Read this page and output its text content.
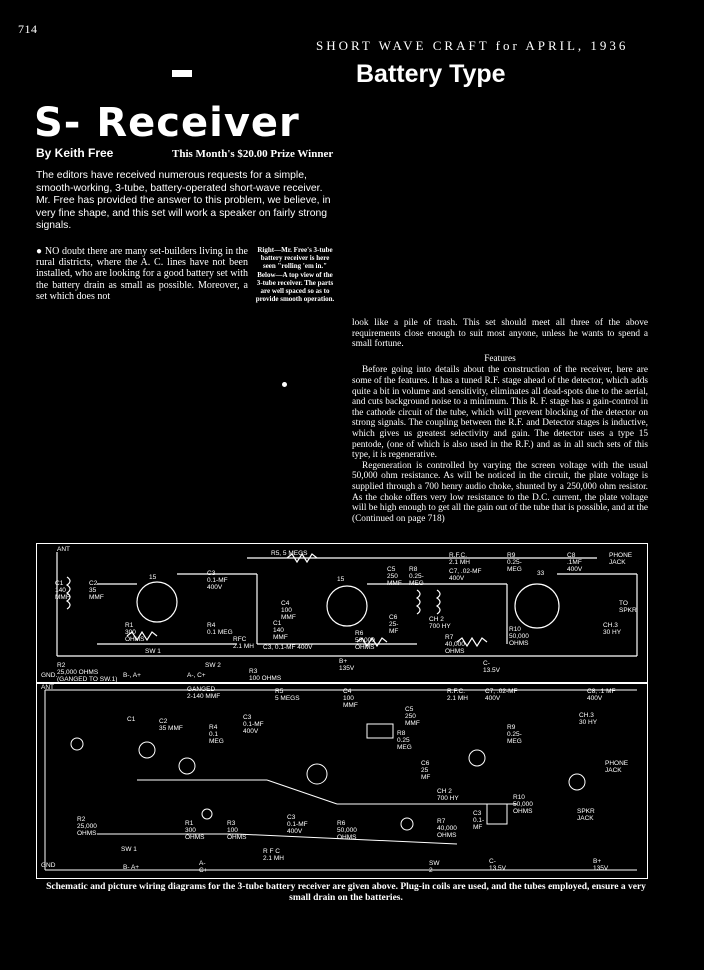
714
SHORT WAVE CRAFT for APRIL, 1936
Battery Type
S- Receiver
By Keith Free	This Month's $20.00 Prize Winner
The editors have received numerous requests for a simple, smooth-working, 3-tube, battery-operated short-wave receiver. Mr. Free has provided the answer to this problem, we believe, in very fine shape, and this set will work a speaker on fairly strong signals.
● NO doubt there are many set-builders living in the rural districts, where the A. C. lines have not been installed, who are looking for a good battery set with the battery drain as small as possible. Moreover, a set which does not
Right—Mr. Free's 3-tube battery receiver is here seen "rolling 'em in." Below—A top view of the 3-tube receiver. The parts are well spaced so as to provide smooth operation.

look like a pile of trash. This set should meet all three of the above requirements close enough to suit most anyone, unless he wants to spend a small fortune.

Features

Before going into details about the construction of the receiver, here are some of the features. It has a tuned R.F. stage ahead of the detector, which adds quite a bit in volume and sensitivity, eliminates all dead-spots due to the aerial, and cuts background noise to a minimum. This R. F. stage has a gain-control in the cathode circuit of the tube, which will prevent blocking of the detector on strong signals. The coupling between the R.F. and Detector stages is inductive, which gives us greatest selectivity and gain. The detector uses a type 15 pentode, (one of which is also used in the R.F.) and as in all such sets of this type, it is regenerative.

Regeneration is controlled by varying the screen voltage with the usual 50,000 ohm resistance. As will be noticed in the circuit, the plate voltage is supplied through a 700 henry audio choke, shunted by a 250,000 ohm resistor. As the choke offers very low resistance to the D.C. current, the plate voltage will be high enough to get all the gain out of the tube that is possible, and at the (Continued on page 718)

ANT
C1
140
MMF
C2
35
MMF
15
C3
0.1-MF
400V
R5, 5 MEGS
C4
100
MMF
15
C5
250
MMF
R8
0.25-
MEG
R.F.C.
2.1 MH
C7, .02-MF
400V
R9
0.25-
MEG
C8
.1MF
400V
PHONE
JACK
33
TO
SPKR
CH.3
30 HY
C6
25-
MF
CH 2
700 HY
R7
40,000
OHMS
R10
50,000
OHMS
C3, 0.1-MF 400V
R6
50,000
OHMS
R4
0.1 MEG
RFC
2.1 MH
R1
300
OHMS
C1
140
MMF
R2
25,000 OHMS
(GANGED TO SW.1)
SW 1
SW 2
R3
100 OHMS
B+
135V
C-
13.5V
GND.	B-, A+	A-, C+
ANT	GANGED
2-140 MMF
R5
5 MEGS
C4
100
MMF
C5
250
MMF
R.F.C.
2.1 MH
C7, .02-MF
400V
C8, .1 MF
400V
C1	C2
35 MMF
C3
0.1-MF
400V
R4
0.1
MEG
R8
0.25
MEG
R9
0.25-
MEG
CH.3
30 HY
PHONE
JACK
C6
25
MF
CH 2
700 HY	R10
50,000
OHMS	SPKR
JACK
R2
25,000
OHMS
R1
300
OHMS
R3
100
OHMS
C3
0.1-MF
400V
R6
50,000
OHMS
R7
40,000
OHMS
C3
0.1-
MF
SW 1	R F C
2.1 MH
GND	B- A+
A-
C+
SW
2
C-
13.5V
B+
135V
Schematic and picture wiring diagrams for the 3-tube battery receiver are given above. Plug-in coils are used, and the tubes employed, ensure a very small drain on the batteries.
